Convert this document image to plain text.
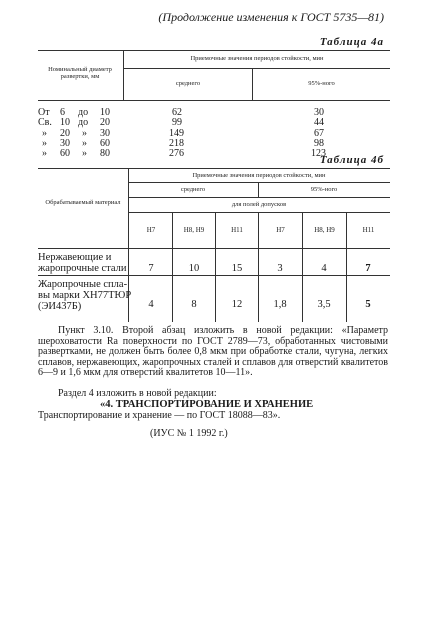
(Продолжение изменения к ГОСТ 5735—81)
Таблица 4а
Номинальный диаметр развертки, мм
Приемочные значения периодов стойкости, мин
среднего	95%-ного
От 6 до 10	62	30
Св. 10 до 20	99	44
» 20 » 30	149	67
» 30 » 60	218	98
» 60 » 80	276	123
Таблица 4б
Обрабатываемый материал
Приемочные значения периодов стойкости, мин
среднего	95%-ного
для полей допусков
H7	H8, H9	H11	H7	H8, H9	H11
Нержавеющие и
жаропрочные стали	7	10	15	3	4	7
Жаропрочные спла-
вы марки ХН77ТЮР
(ЭИ437Б)	4	8	12	1,8	3,5	5
Пункт 3.10. Второй абзац изложить в новой редакции: «Параметр шероховатости Ra поверхности по ГОСТ 2789—73, обработанных чистовыми развертками, не должен быть более 0,8 мкм при обработке стали, чугуна, легких сплавов, нержавеющих, жаропрочных сталей и сплавов для отверстий квалитетов 6—9 и 1,6 мкм для отверстий квалитетов 10—11».
Раздел 4 изложить в новой редакции:
«4. ТРАНСПОРТИРОВАНИЕ И ХРАНЕНИЕ
Транспортирование и хранение — по ГОСТ 18088—83».
(ИУС № 1 1992 г.)
